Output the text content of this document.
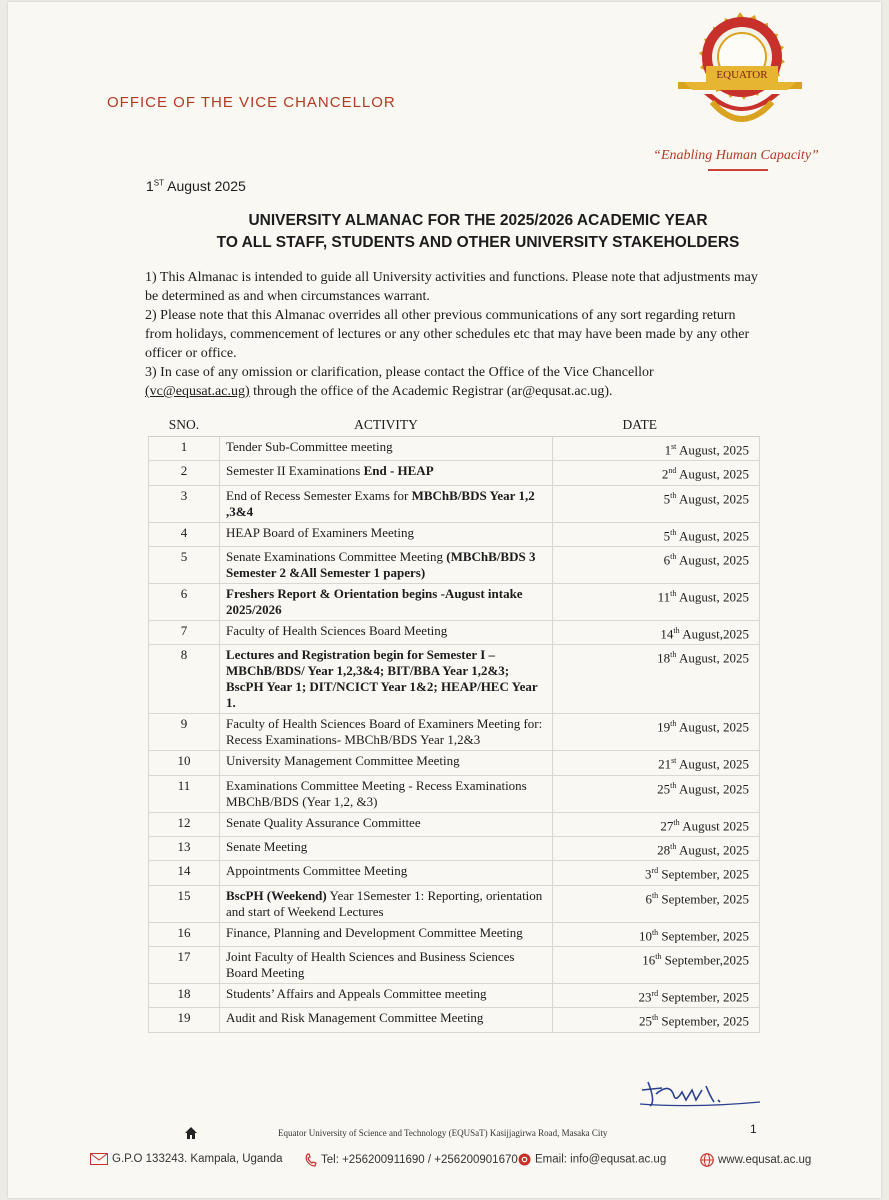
OFFICE OF THE VICE CHANCELLOR
EQUATOR
“Enabling Human Capacity”
1ST August 2025
UNIVERSITY ALMANAC FOR THE 2025/2026 ACADEMIC YEAR
TO ALL STAFF, STUDENTS AND OTHER UNIVERSITY STAKEHOLDERS

1) This Almanac is intended to guide all University activities and functions. Please note that adjustments may be determined as and when circumstances warrant.

2) Please note that this Almanac overrides all other previous communications of any sort regarding return from holidays, commencement of lectures or any other schedules etc that may have been made by any other officer or office.

3) In case of any omission or clarification, please contact the Office of the Vice Chancellor (vc@equsat.ac.ug) through the office of the Academic Registrar (ar@equsat.ac.ug).

SNO.	ACTIVITY	DATE
1	Tender Sub-Committee meeting	1st August, 2025
2	Semester II Examinations End - HEAP	2nd August, 2025
3	End of Recess Semester Exams for MBChB/BDS Year 1,2 ,3&4	5th August, 2025
4	HEAP Board of Examiners Meeting	5th August, 2025
5	Senate Examinations Committee Meeting (MBChB/BDS 3 Semester 2 &All Semester 1 papers)	6th August, 2025
6	Freshers Report & Orientation begins -August intake 2025/2026	11th August, 2025
7	Faculty of Health Sciences Board Meeting	14th August,2025
8	Lectures and Registration begin for Semester I – MBChB/BDS/ Year 1,2,3&4; BIT/BBA Year 1,2&3; BscPH Year 1; DIT/NCICT Year 1&2; HEAP/HEC Year 1.	18th August, 2025
9	Faculty of Health Sciences Board of Examiners Meeting for: Recess Examinations- MBChB/BDS Year 1,2&3	19th August, 2025
10	University Management Committee Meeting	21st August, 2025
11	Examinations Committee Meeting - Recess Examinations MBChB/BDS (Year 1,2, &3)	25th August, 2025
12	Senate Quality Assurance Committee	27th August 2025
13	Senate Meeting	28th August, 2025
14	Appointments Committee Meeting	3rd September, 2025
15	BscPH (Weekend) Year 1Semester 1: Reporting, orientation and start of Weekend Lectures	6th September, 2025
16	Finance, Planning and Development Committee Meeting	10th September, 2025
17	Joint Faculty of Health Sciences and Business Sciences Board Meeting	16th September,2025
18	Students’ Affairs and Appeals Committee meeting	23rd September, 2025
19	Audit and Risk Management Committee Meeting	25th September, 2025
Equator University of Science and Technology (EQUSaT) Kasijjagirwa Road, Masaka City	1
G.P.O 133243. Kampala, Uganda	Tel: +256200911690 / +256200901670	Email: info@equsat.ac.ug	www.equsat.ac.ug
